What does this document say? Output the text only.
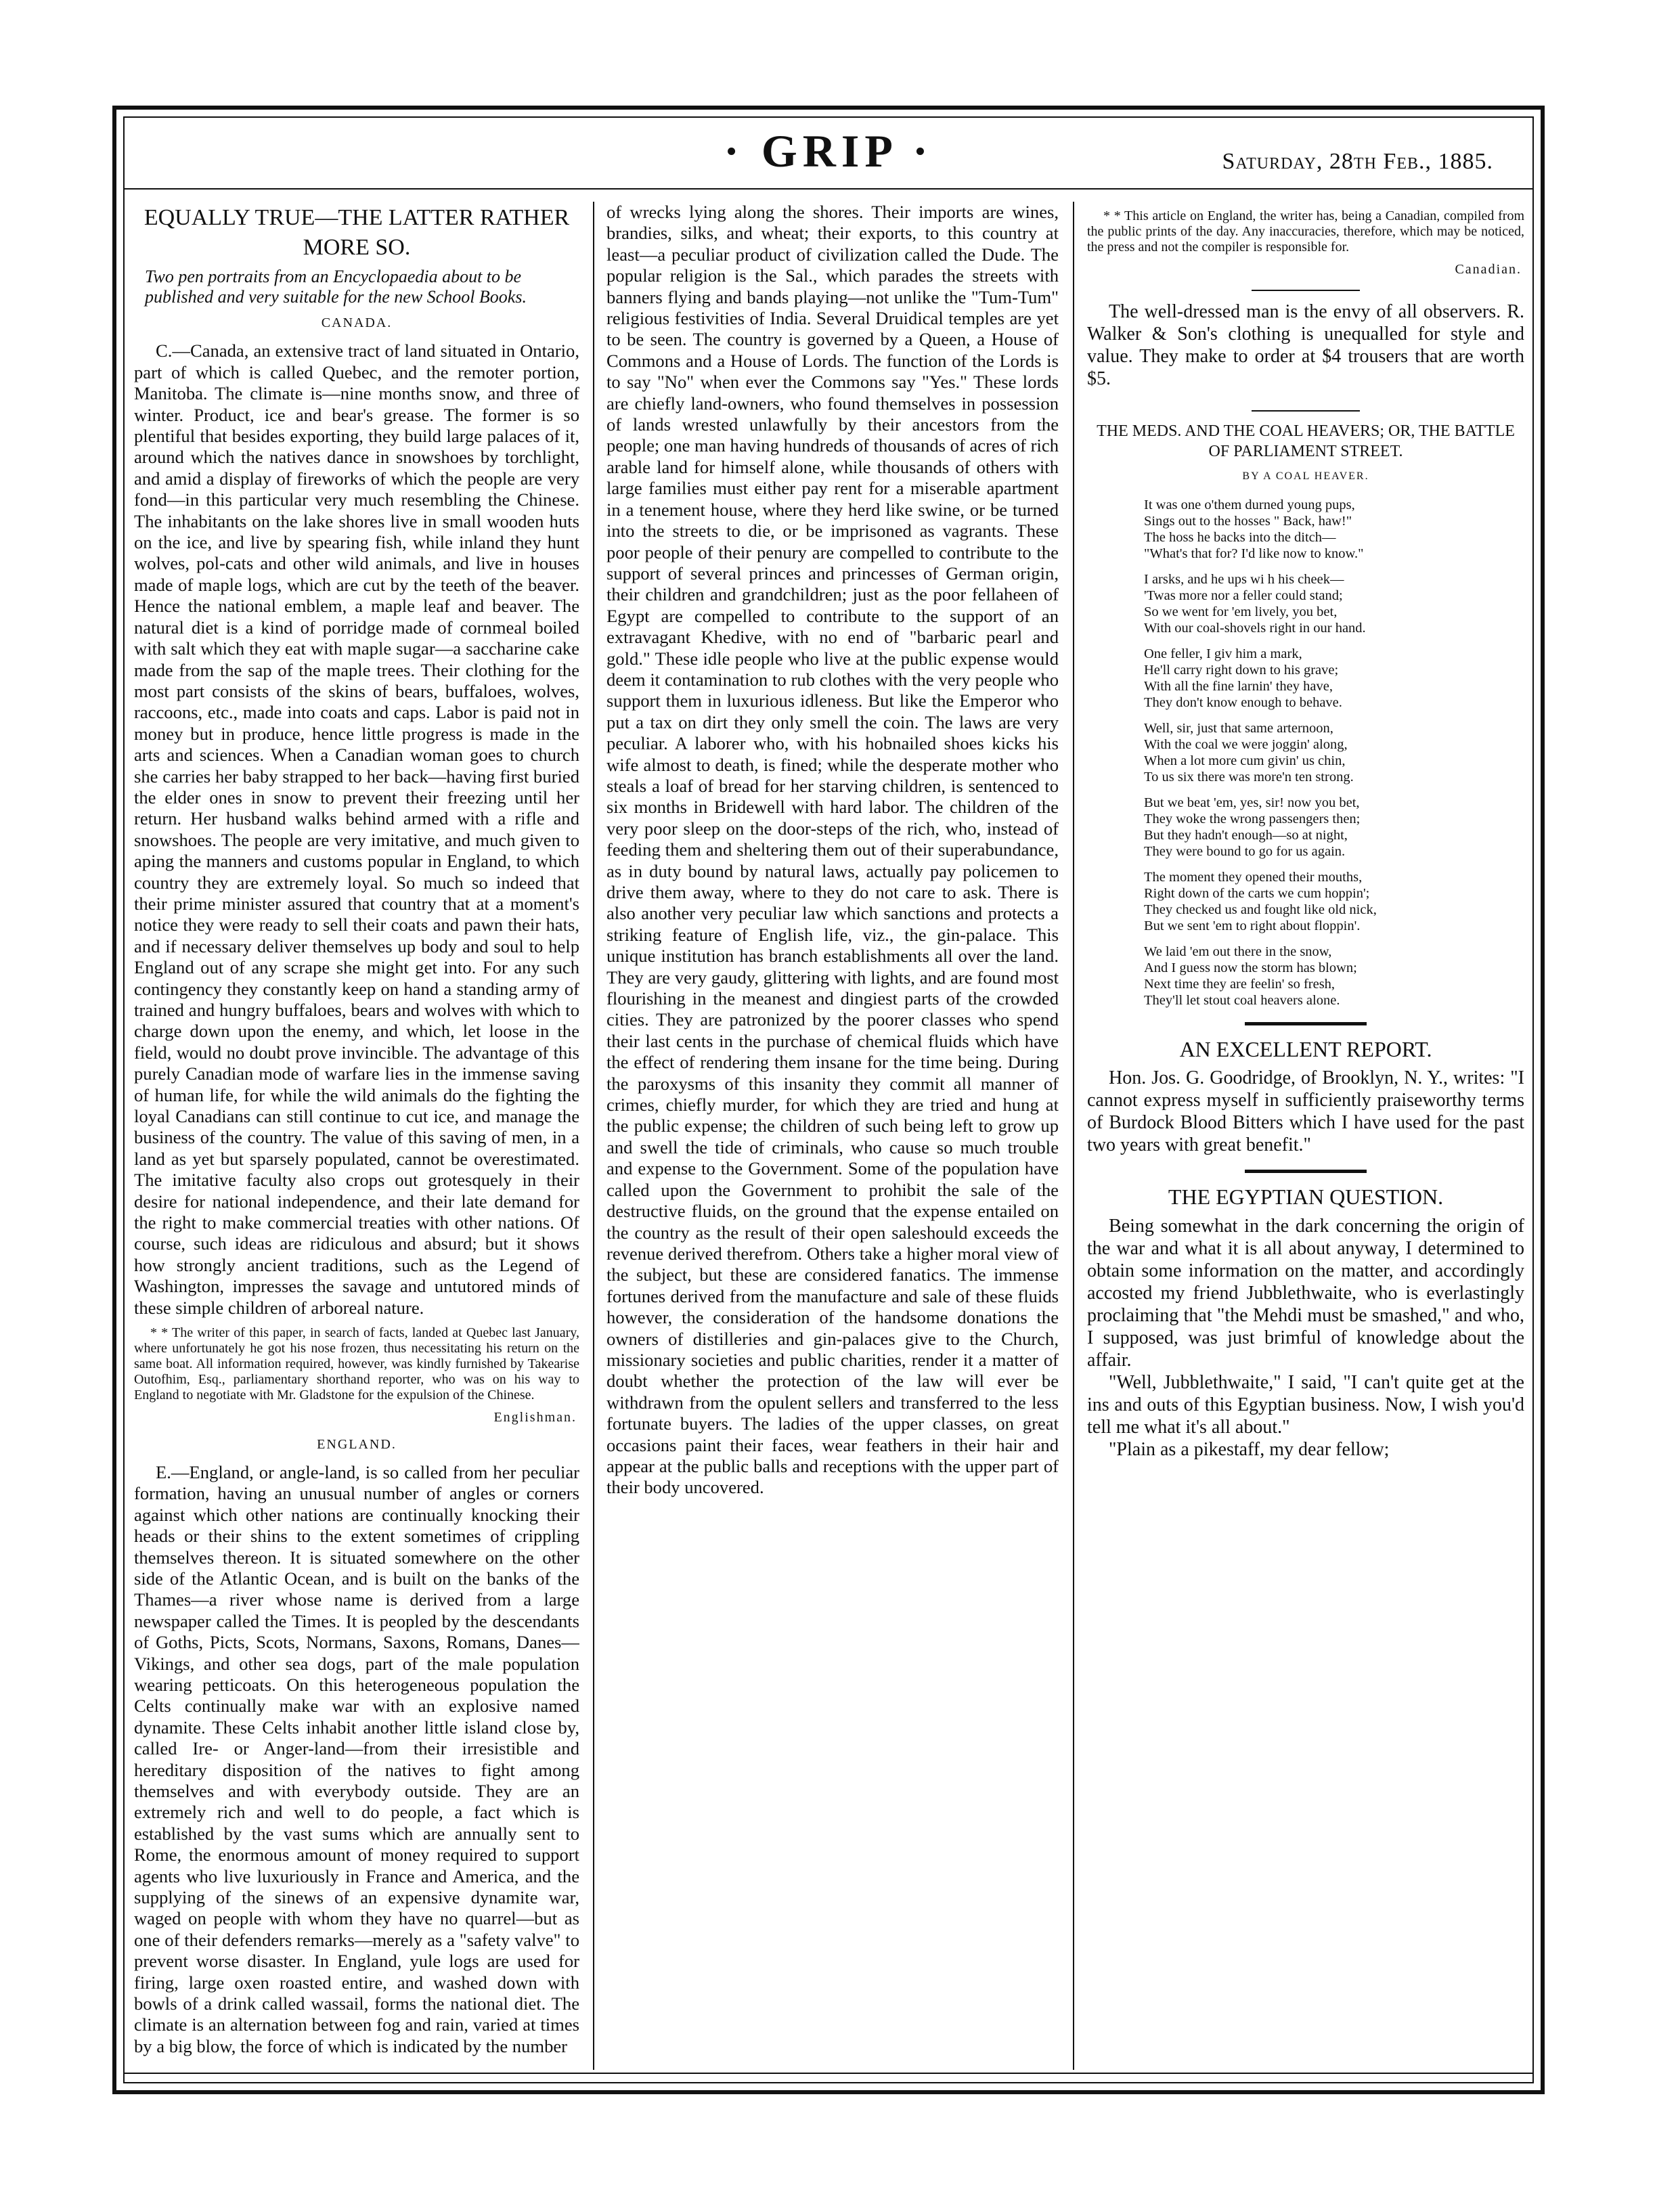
· GRIP ·	Saturday, 28th Feb., 1885.
EQUALLY TRUE—THE LATTER RATHER MORE SO.
Two pen portraits from an Encyclopaedia about to be published and very suitable for the new School Books.
CANADA.

C.—Canada, an extensive tract of land situated in Ontario, part of which is called Quebec, and the remoter portion, Manitoba. The climate is—nine months snow, and three of winter. Product, ice and bear's grease. The former is so plentiful that besides exporting, they build large palaces of it, around which the natives dance in snowshoes by torchlight, and amid a display of fireworks of which the people are very fond—in this particular very much resembling the Chinese. The inhabitants on the lake shores live in small wooden huts on the ice, and live by spearing fish, while inland they hunt wolves, pol-cats and other wild animals, and live in houses made of maple logs, which are cut by the teeth of the beaver. Hence the national emblem, a maple leaf and beaver. The natural diet is a kind of porridge made of cornmeal boiled with salt which they eat with maple sugar—a saccharine cake made from the sap of the maple trees. Their clothing for the most part consists of the skins of bears, buffaloes, wolves, raccoons, etc., made into coats and caps. Labor is paid not in money but in produce, hence little progress is made in the arts and sciences. When a Canadian woman goes to church she carries her baby strapped to her back—having first buried the elder ones in snow to prevent their freezing until her return. Her husband walks behind armed with a rifle and snowshoes. The people are very imitative, and much given to aping the manners and customs popular in England, to which country they are extremely loyal. So much so indeed that their prime minister assured that country that at a moment's notice they were ready to sell their coats and pawn their hats, and if necessary deliver themselves up body and soul to help England out of any scrape she might get into. For any such contingency they constantly keep on hand a standing army of trained and hungry buffaloes, bears and wolves with which to charge down upon the enemy, and which, let loose in the field, would no doubt prove invincible. The advantage of this purely Canadian mode of warfare lies in the immense saving of human life, for while the wild animals do the fighting the loyal Canadians can still continue to cut ice, and manage the business of the country. The value of this saving of men, in a land as yet but sparsely populated, cannot be overestimated. The imitative faculty also crops out grotesquely in their desire for national independence, and their late demand for the right to make commercial treaties with other nations. Of course, such ideas are ridiculous and absurd; but it shows how strongly ancient traditions, such as the Legend of Washington, impresses the savage and untutored minds of these simple children of arboreal nature.

* * The writer of this paper, in search of facts, landed at Quebec last January, where unfortunately he got his nose frozen, thus necessitating his return on the same boat. All information required, however, was kindly furnished by Takearise Outofhim, Esq., parliamentary shorthand reporter, who was on his way to England to negotiate with Mr. Gladstone for the expulsion of the Chinese.
Englishman.
ENGLAND.

E.—England, or angle-land, is so called from her peculiar formation, having an unusual number of angles or corners against which other nations are continually knocking their heads or their shins to the extent sometimes of crippling themselves thereon. It is situated somewhere on the other side of the Atlantic Ocean, and is built on the banks of the Thames—a river whose name is derived from a large newspaper called the Times. It is peopled by the descendants of Goths, Picts, Scots, Normans, Saxons, Romans, Danes—Vikings, and other sea dogs, part of the male population wearing petticoats. On this heterogeneous population the Celts continually make war with an explosive named dynamite. These Celts inhabit another little island close by, called Ire- or Anger-land—from their irresistible and hereditary disposition of the natives to fight among themselves and with everybody outside. They are an extremely rich and well to do people, a fact which is established by the vast sums which are annually sent to Rome, the enormous amount of money required to support agents who live luxuriously in France and America, and the supplying of the sinews of an expensive dynamite war, waged on people with whom they have no quarrel—but as one of their defenders remarks—merely as a "safety valve" to prevent worse disaster. In England, yule logs are used for firing, large oxen roasted entire, and washed down with bowls of a drink called wassail, forms the national diet. The climate is an alternation between fog and rain, varied at times by a big blow, the force of which is indicated by the number

of wrecks lying along the shores. Their imports are wines, brandies, silks, and wheat; their exports, to this country at least—a peculiar product of civilization called the Dude. The popular religion is the Sal., which parades the streets with banners flying and bands playing—not unlike the "Tum-Tum" religious festivities of India. Several Druidical temples are yet to be seen. The country is governed by a Queen, a House of Commons and a House of Lords. The function of the Lords is to say "No" when ever the Commons say "Yes." These lords are chiefly land-owners, who found themselves in possession of lands wrested unlawfully by their ancestors from the people; one man having hundreds of thousands of acres of rich arable land for himself alone, while thousands of others with large families must either pay rent for a miserable apartment in a tenement house, where they herd like swine, or be turned into the streets to die, or be imprisoned as vagrants. These poor people of their penury are compelled to contribute to the support of several princes and princesses of German origin, their children and grandchildren; just as the poor fellaheen of Egypt are compelled to contribute to the support of an extravagant Khedive, with no end of "barbaric pearl and gold." These idle people who live at the public expense would deem it contamination to rub clothes with the very people who support them in luxurious idleness. But like the Emperor who put a tax on dirt they only smell the coin. The laws are very peculiar. A laborer who, with his hobnailed shoes kicks his wife almost to death, is fined; while the desperate mother who steals a loaf of bread for her starving children, is sentenced to six months in Bridewell with hard labor. The children of the very poor sleep on the door-steps of the rich, who, instead of feeding them and sheltering them out of their superabundance, as in duty bound by natural laws, actually pay policemen to drive them away, where to they do not care to ask. There is also another very peculiar law which sanctions and protects a striking feature of English life, viz., the gin-palace. This unique institution has branch establishments all over the land. They are very gaudy, glittering with lights, and are found most flourishing in the meanest and dingiest parts of the crowded cities. They are patronized by the poorer classes who spend their last cents in the purchase of chemical fluids which have the effect of rendering them insane for the time being. During the paroxysms of this insanity they commit all manner of crimes, chiefly murder, for which they are tried and hung at the public expense; the children of such being left to grow up and swell the tide of criminals, who cause so much trouble and expense to the Government. Some of the population have called upon the Government to prohibit the sale of the destructive fluids, on the ground that the expense entailed on the country as the result of their open saleshould exceeds the revenue derived therefrom. Others take a higher moral view of the subject, but these are considered fanatics. The immense fortunes derived from the manufacture and sale of these fluids however, the consideration of the handsome donations the owners of distilleries and gin-palaces give to the Church, missionary societies and public charities, render it a matter of doubt whether the protection of the law will ever be withdrawn from the opulent sellers and transferred to the less fortunate buyers. The ladies of the upper classes, on great occasions paint their faces, wear feathers in their hair and appear at the public balls and receptions with the upper part of their body uncovered.

* * This article on England, the writer has, being a Canadian, compiled from the public prints of the day. Any inaccuracies, therefore, which may be noticed, the press and not the compiler is responsible for.
Canadian.

The well-dressed man is the envy of all observers. R. Walker & Son's clothing is unequalled for style and value. They make to order at $4 trousers that are worth $5.

THE MEDS. AND THE COAL HEAVERS; OR, THE BATTLE OF PARLIAMENT STREET.
BY A COAL HEAVER.
It was one o'them durned young pups,
Sings out to the hosses " Back, haw!"
The hoss he backs into the ditch—
"What's that for? I'd like now to know."
I arsks, and he ups wi h his cheek—
'Twas more nor a feller could stand;
So we went for 'em lively, you bet,
With our coal-shovels right in our hand.
One feller, I giv him a mark,
He'll carry right down to his grave;
With all the fine larnin' they have,
They don't know enough to behave.
Well, sir, just that same arternoon,
With the coal we were joggin' along,
When a lot more cum givin' us chin,
To us six there was more'n ten strong.
But we beat 'em, yes, sir! now you bet,
They woke the wrong passengers then;
But they hadn't enough—so at night,
They were bound to go for us again.
The moment they opened their mouths,
Right down of the carts we cum hoppin';
They checked us and fought like old nick,
But we sent 'em to right about floppin'.
We laid 'em out there in the snow,
And I guess now the storm has blown;
Next time they are feelin' so fresh,
They'll let stout coal heavers alone.
AN EXCELLENT REPORT.

Hon. Jos. G. Goodridge, of Brooklyn, N. Y., writes: "I cannot express myself in sufficiently praiseworthy terms of Burdock Blood Bitters which I have used for the past two years with great benefit."

THE EGYPTIAN QUESTION.

Being somewhat in the dark concerning the origin of the war and what it is all about anyway, I determined to obtain some information on the matter, and accordingly accosted my friend Jubblethwaite, who is everlastingly proclaiming that "the Mehdi must be smashed," and who, I supposed, was just brimful of knowledge about the affair.

"Well, Jubblethwaite," I said, "I can't quite get at the ins and outs of this Egyptian business. Now, I wish you'd tell me what it's all about."

"Plain as a pikestaff, my dear fellow;
